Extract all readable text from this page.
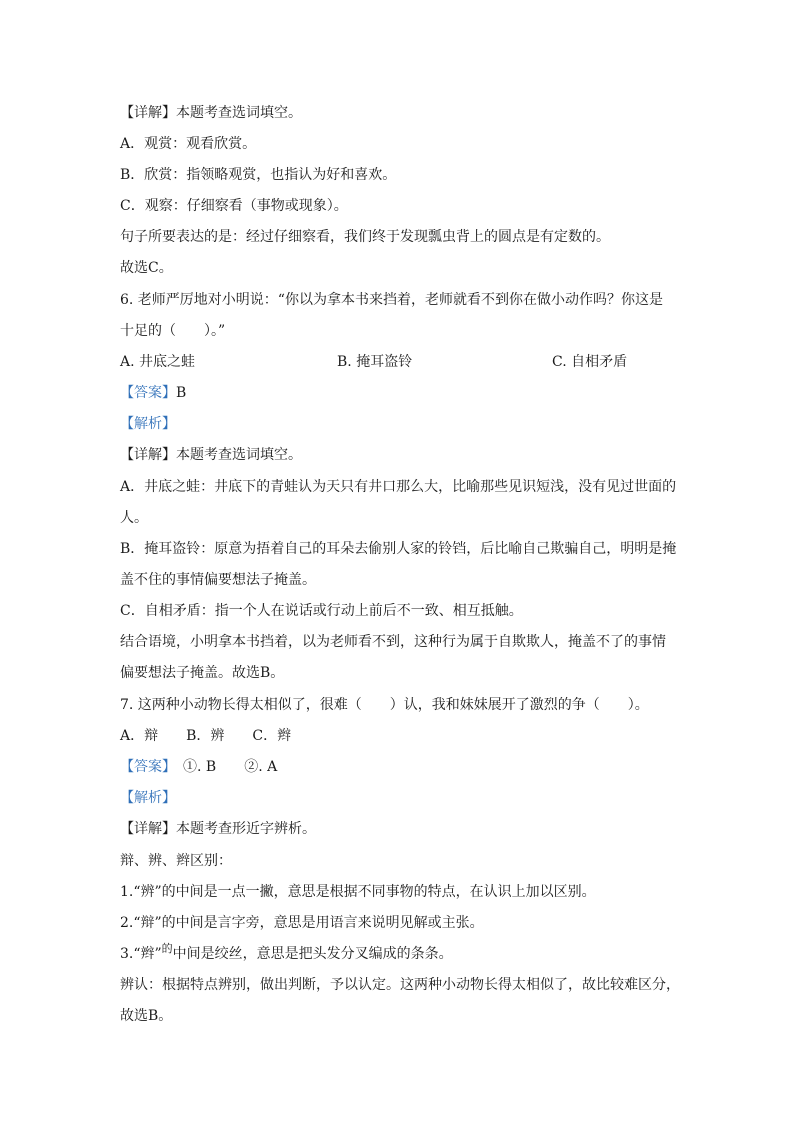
【详解】本题考查选词填空。
A．观赏：观看欣赏。
B．欣赏：指领略观赏，也指认为好和喜欢。
C．观察：仔细察看（事物或现象）。
句子所要表达的是：经过仔细察看，我们终于发现瓢虫背上的圆点是有定数的。
故选C。
6. 老师严厉地对小明说：“你以为拿本书来挡着，老师就看不到你在做小动作吗？你这是
十足的（　　）。”
A. 井底之蛙	B. 掩耳盗铃	C. 自相矛盾
【答案】B
【解析】
【详解】本题考查选词填空。
A．井底之蛙：井底下的青蛙认为天只有井口那么大，比喻那些见识短浅，没有见过世面的
人。
B．掩耳盗铃：原意为捂着自己的耳朵去偷别人家的铃铛，后比喻自己欺骗自己，明明是掩
盖不住的事情偏要想法子掩盖。
C．自相矛盾：指一个人在说话或行动上前后不一致、相互抵触。
结合语境，小明拿本书挡着，以为老师看不到，这种行为属于自欺欺人，掩盖不了的事情
偏要想法子掩盖。故选B。
7. 这两种小动物长得太相似了，很难（　　）认，我和妹妹展开了激烈的争（　　）。
A．辩　　B．辨　　C．辫
【答案】　①. B　　②. A
【解析】
【详解】本题考查形近字辨析。
辩、辨、辫区别：
1.“辨”的中间是一点一撇，意思是根据不同事物的特点，在认识上加以区别。
2.“辩”的中间是言字旁，意思是用语言来说明见解或主张。
3.“辫”$^的$中间是绞丝，意思是把头发分叉编成的条条。
辨认：根据特点辨别，做出判断，予以认定。这两种小动物长得太相似了，故比较难区分，
故选B。
